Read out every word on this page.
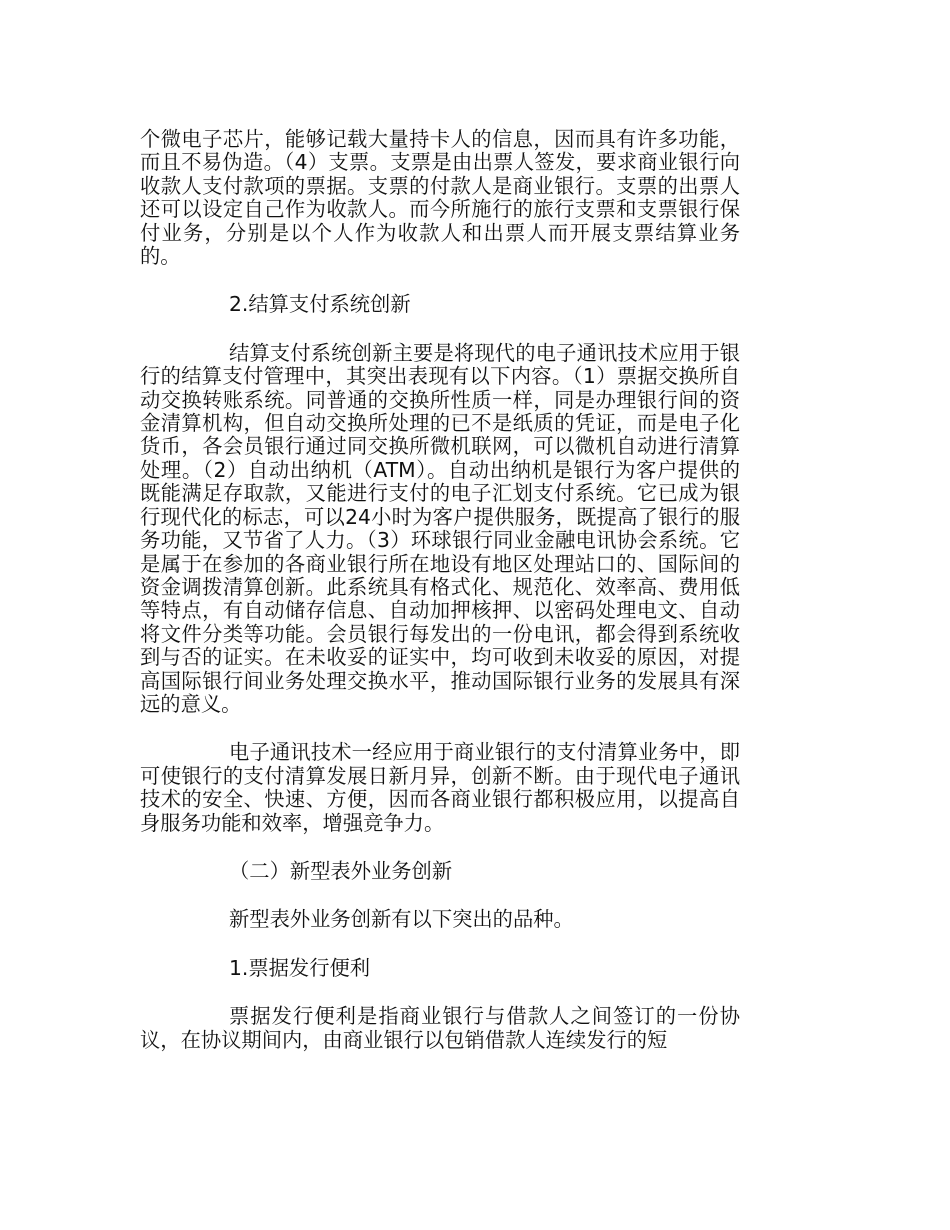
个微电子芯片，能够记载大量持卡人的信息，因而具有许多功能，而且不易伪造。（4）支票。支票是由出票人签发，要求商业银行向收款人支付款项的票据。支票的付款人是商业银行。支票的出票人还可以设定自己作为收款人。而今所施行的旅行支票和支票银行保付业务，分别是以个人作为收款人和出票人而开展支票结算业务的。

2.结算支付系统创新

结算支付系统创新主要是将现代的电子通讯技术应用于银行的结算支付管理中，其突出表现有以下内容。（1）票据交换所自动交换转账系统。同普通的交换所性质一样，同是办理银行间的资金清算机构，但自动交换所处理的已不是纸质的凭证，而是电子化货币，各会员银行通过同交换所微机联网，可以微机自动进行清算处理。（2）自动出纳机（ATM）。自动出纳机是银行为客户提供的既能满足存取款，又能进行支付的电子汇划支付系统。它已成为银行现代化的标志，可以24小时为客户提供服务，既提高了银行的服务功能，又节省了人力。（3）环球银行同业金融电讯协会系统。它是属于在参加的各商业银行所在地设有地区处理站口的、国际间的资金调拨清算创新。此系统具有格式化、规范化、效率高、费用低等特点，有自动储存信息、自动加押核押、以密码处理电文、自动将文件分类等功能。会员银行每发出的一份电讯，都会得到系统收到与否的证实。在未收妥的证实中，均可收到未收妥的原因，对提高国际银行间业务处理交换水平，推动国际银行业务的发展具有深远的意义。

电子通讯技术一经应用于商业银行的支付清算业务中，即可使银行的支付清算发展日新月异，创新不断。由于现代电子通讯技术的安全、快速、方便，因而各商业银行都积极应用，以提高自身服务功能和效率，增强竞争力。

（二）新型表外业务创新

新型表外业务创新有以下突出的品种。

1.票据发行便利

票据发行便利是指商业银行与借款人之间签订的一份协议，在协议期间内，由商业银行以包销借款人连续发行的短
